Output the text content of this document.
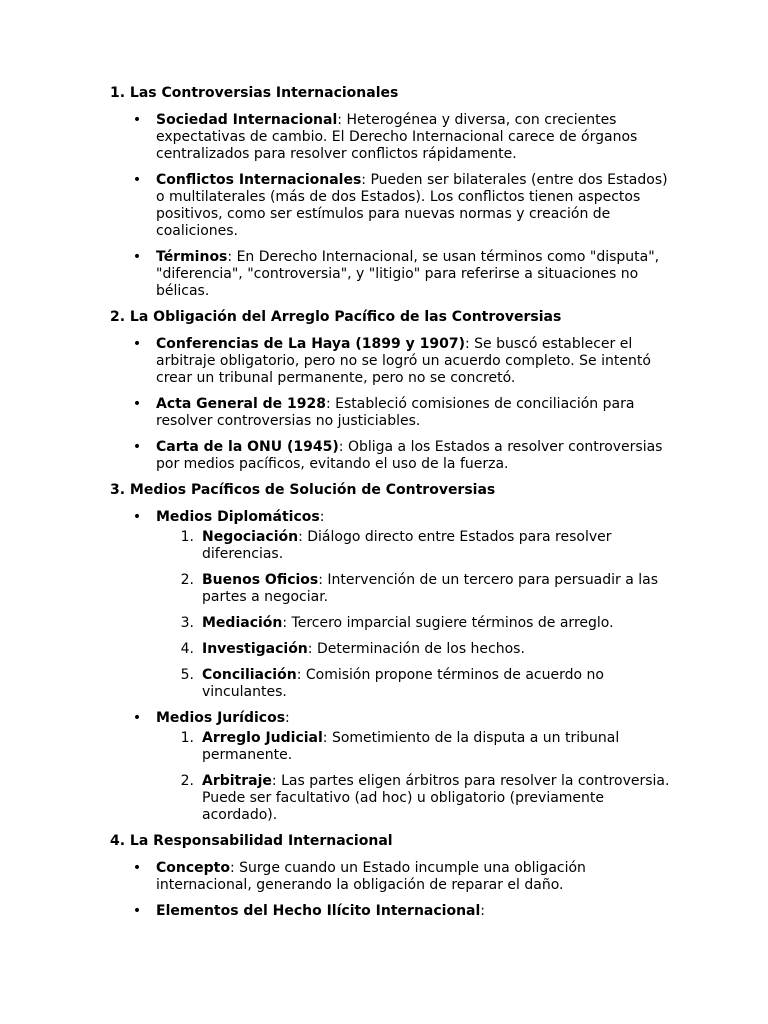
1. Las Controversias Internacionales
• Sociedad Internacional: Heterogénea y diversa, con crecientes expectativas de cambio. El Derecho Internacional carece de órganos centralizados para resolver conflictos rápidamente.
• Conflictos Internacionales: Pueden ser bilaterales (entre dos Estados) o multilaterales (más de dos Estados). Los conflictos tienen aspectos positivos, como ser estímulos para nuevas normas y creación de coaliciones.
• Términos: En Derecho Internacional, se usan términos como "disputa", "diferencia", "controversia", y "litigio" para referirse a situaciones no bélicas.
2. La Obligación del Arreglo Pacífico de las Controversias
• Conferencias de La Haya (1899 y 1907): Se buscó establecer el arbitraje obligatorio, pero no se logró un acuerdo completo. Se intentó crear un tribunal permanente, pero no se concretó.
• Acta General de 1928: Estableció comisiones de conciliación para resolver controversias no justiciables.
• Carta de la ONU (1945): Obliga a los Estados a resolver controversias por medios pacíficos, evitando el uso de la fuerza.
3. Medios Pacíficos de Solución de Controversias
• Medios Diplomáticos:
1. Negociación: Diálogo directo entre Estados para resolver diferencias.
2. Buenos Oficios: Intervención de un tercero para persuadir a las partes a negociar.
3. Mediación: Tercero imparcial sugiere términos de arreglo.
4. Investigación: Determinación de los hechos.
5. Conciliación: Comisión propone términos de acuerdo no vinculantes.
• Medios Jurídicos:
1. Arreglo Judicial: Sometimiento de la disputa a un tribunal permanente.
2. Arbitraje: Las partes eligen árbitros para resolver la controversia. Puede ser facultativo (ad hoc) u obligatorio (previamente acordado).
4. La Responsabilidad Internacional
• Concepto: Surge cuando un Estado incumple una obligación internacional, generando la obligación de reparar el daño.
• Elementos del Hecho Ilícito Internacional:
